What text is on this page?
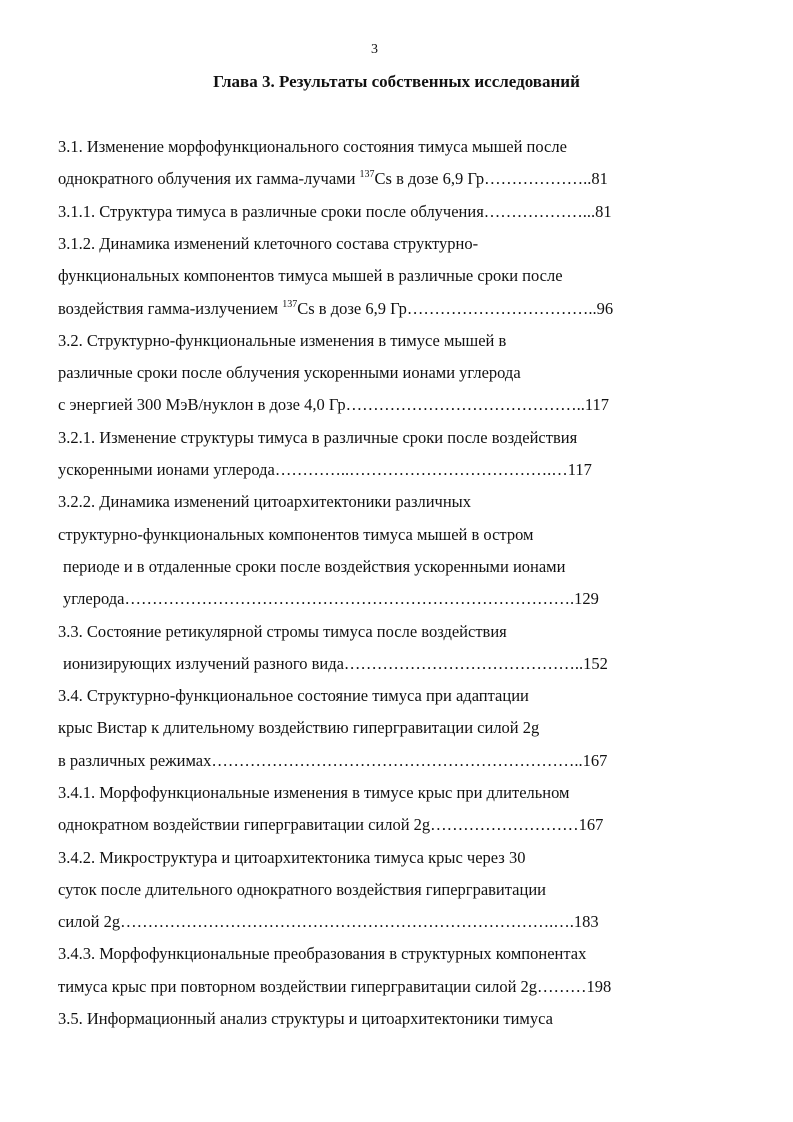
3
Глава 3. Результаты собственных исследований
3.1. Изменение морфофункционального состояния тимуса мышей после
однократного облучения их гамма-лучами $^{137}$Cs в дозе 6,9 Гр………………..81
3.1.1. Структура тимуса в различные сроки после облучения………………...81
3.1.2. Динамика изменений клеточного состава структурно-
функциональных компонентов тимуса мышей в различные сроки после
воздействия гамма-излучением $^{137}$Cs в дозе 6,9 Гр……………………………..96
3.2. Структурно-функциональные изменения в тимусе мышей в
различные сроки после облучения ускоренными ионами углерода
с энергией 300 МэВ/нуклон в дозе 4,0 Гр……………………………………..117
3.2.1. Изменение структуры тимуса в различные сроки после воздействия
ускоренными ионами углерода…………..……………………………….…117
3.2.2. Динамика изменений цитоархитектоники различных
структурно-функциональных компонентов тимуса мышей в остром
периоде и в отдаленные сроки после воздействия ускоренными ионами
углерода……………………………………………………………………….129
3.3. Состояние ретикулярной стромы тимуса после воздействия
ионизирующих излучений разного вида……………………………………..152
3.4. Структурно-функциональное состояние тимуса при адаптации
крыс Вистар к длительному воздействию гипергравитации силой 2g
в различных режимах…………………………………………………………..167
3.4.1. Морфофункциональные изменения в тимусе крыс при длительном
однократном воздействии гипергравитации силой 2g………………………167
3.4.2. Микроструктура и цитоархитектоника тимуса крыс через 30
суток после длительного однократного воздействия гипергравитации
силой 2g…………………………………………………………………….….183
3.4.3. Морфофункциональные преобразования в структурных компонентах
тимуса крыс при повторном воздействии гипергравитации силой 2g………198
3.5. Информационный анализ структуры и цитоархитектоники тимуса
